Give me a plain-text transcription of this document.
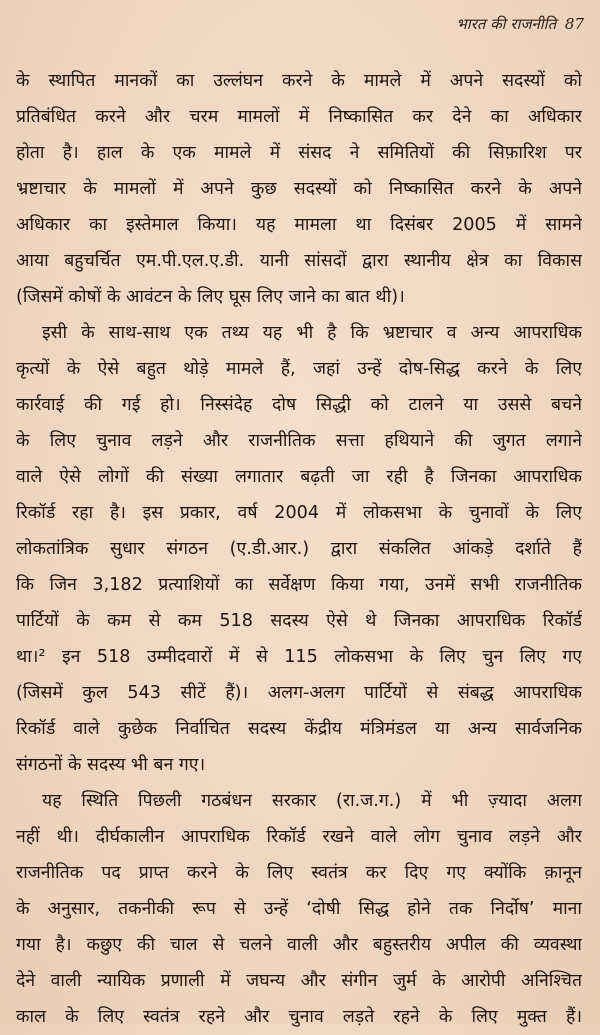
भारत की राजनीति 87
के स्थापित मानकों का उल्लंघन करने के मामले में अपने सदस्यों को
प्रतिबंधित करने और चरम मामलों में निष्कासित कर देने का अधिकार
होता है। हाल के एक मामले में संसद ने समितियों की सिफ़ारिश पर
भ्रष्टाचार के मामलों में अपने कुछ सदस्यों को निष्कासित करने के अपने
अधिकार का इस्तेमाल किया। यह मामला था दिसंबर 2005 में सामने
आया बहुचर्चित एम.पी.एल.ए.डी. यानी सांसदों द्वारा स्थानीय क्षेत्र का विकास
(जिसमें कोषों के आवंटन के लिए घूस लिए जाने का बात थी)।
इसी के साथ-साथ एक तथ्य यह भी है कि भ्रष्टाचार व अन्य आपराधिक
कृत्यों के ऐसे बहुत थोड़े मामले हैं, जहां उन्हें दोष-सिद्ध करने के लिए
कार्रवाई की गई हो। निस्संदेह दोष सिद्धी को टालने या उससे बचने
के लिए चुनाव लड़ने और राजनीतिक सत्ता हथियाने की जुगत लगाने
वाले ऐसे लोगों की संख्या लगातार बढ़ती जा रही है जिनका आपराधिक
रिकॉर्ड रहा है। इस प्रकार, वर्ष 2004 में लोकसभा के चुनावों के लिए
लोकतांत्रिक सुधार संगठन (ए.डी.आर.) द्वारा संकलित आंकड़े दर्शाते हैं
कि जिन 3,182 प्रत्याशियों का सर्वेक्षण किया गया, उनमें सभी राजनीतिक
पार्टियों के कम से कम 518 सदस्य ऐसे थे जिनका आपराधिक रिकॉर्ड
था।² इन 518 उम्मीदवारों में से 115 लोकसभा के लिए चुन लिए गए
(जिसमें कुल 543 सीटें हैं)। अलग-अलग पार्टियों से संबद्ध आपराधिक
रिकॉर्ड वाले कुछेक निर्वाचित सदस्य केंद्रीय मंत्रिमंडल या अन्य सार्वजनिक
संगठनों के सदस्य भी बन गए।
यह स्थिति पिछली गठबंधन सरकार (रा.ज.ग.) में भी ज़्यादा अलग
नहीं थी। दीर्घकालीन आपराधिक रिकॉर्ड रखने वाले लोग चुनाव लड़ने और
राजनीतिक पद प्राप्त करने के लिए स्वतंत्र कर दिए गए क्योंकि क़ानून
के अनुसार, तकनीकी रूप से उन्हें ‘दोषी सिद्ध होने तक निर्दोष’ माना
गया है। कछुए की चाल से चलने वाली और बहुस्तरीय अपील की व्यवस्था
देने वाली न्यायिक प्रणाली में जघन्य और संगीन जुर्म के आरोपी अनिश्चित
काल के लिए स्वतंत्र रहने और चुनाव लड़ते रहने के लिए मुक्त हैं।
